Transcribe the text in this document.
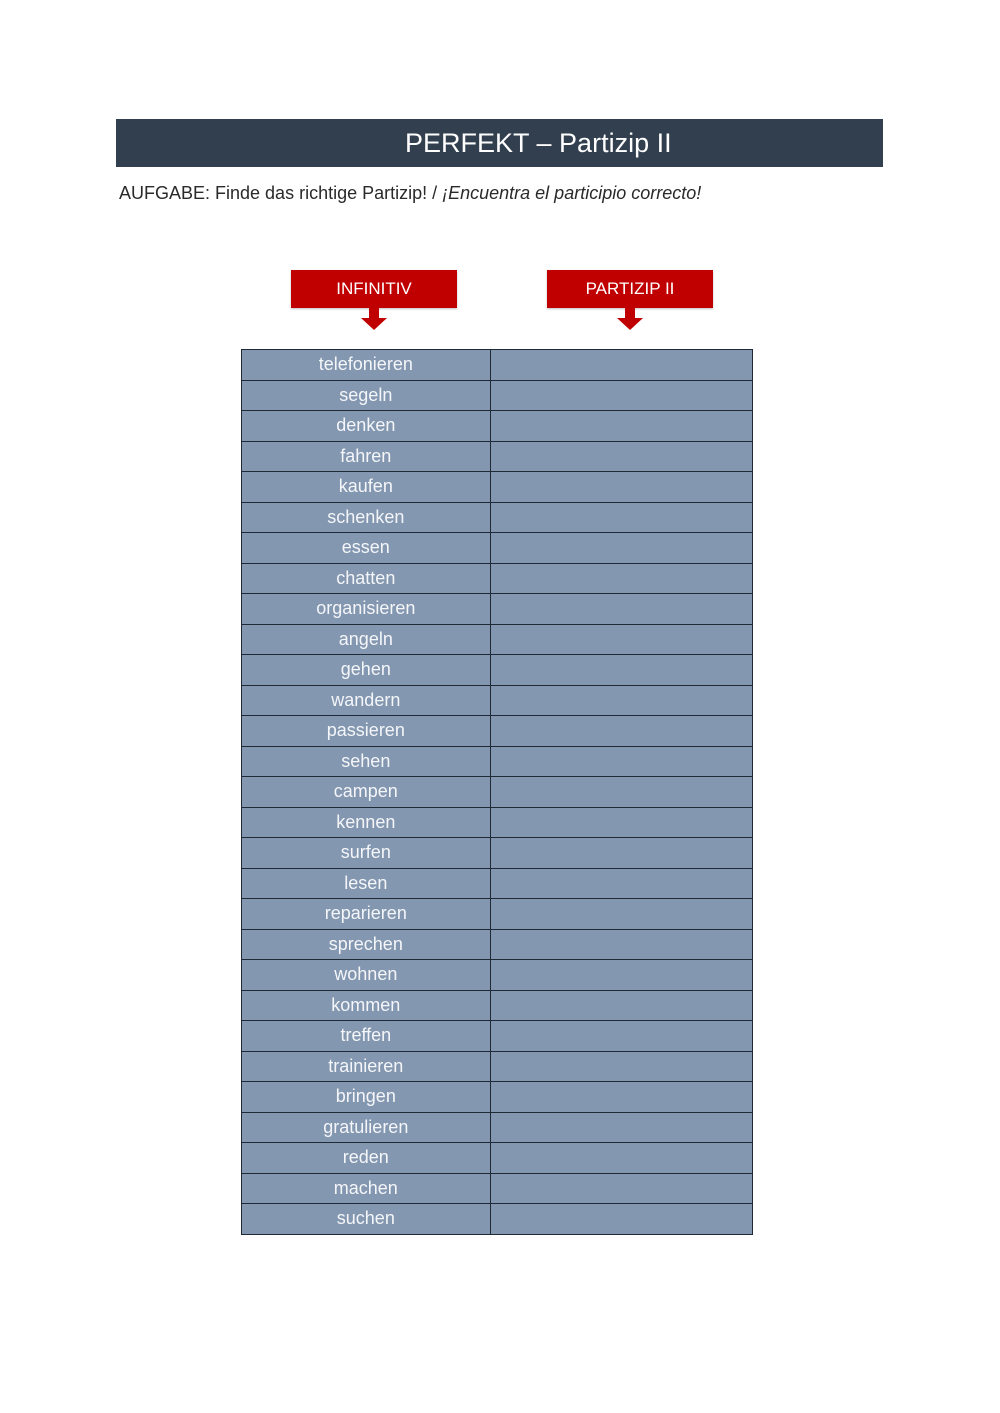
PERFEKT – Partizip II
AUFGABE: Finde das richtige Partizip! / ¡Encuentra el participio correcto!
INFINITIV	PARTIZIP II
telefonieren	
segeln	
denken	
fahren	
kaufen	
schenken	
essen	
chatten	
organisieren	
angeln	
gehen	
wandern	
passieren	
sehen	
campen	
kennen	
surfen	
lesen	
reparieren	
sprechen	
wohnen	
kommen	
treffen	
trainieren	
bringen	
gratulieren	
reden	
machen	
suchen	
